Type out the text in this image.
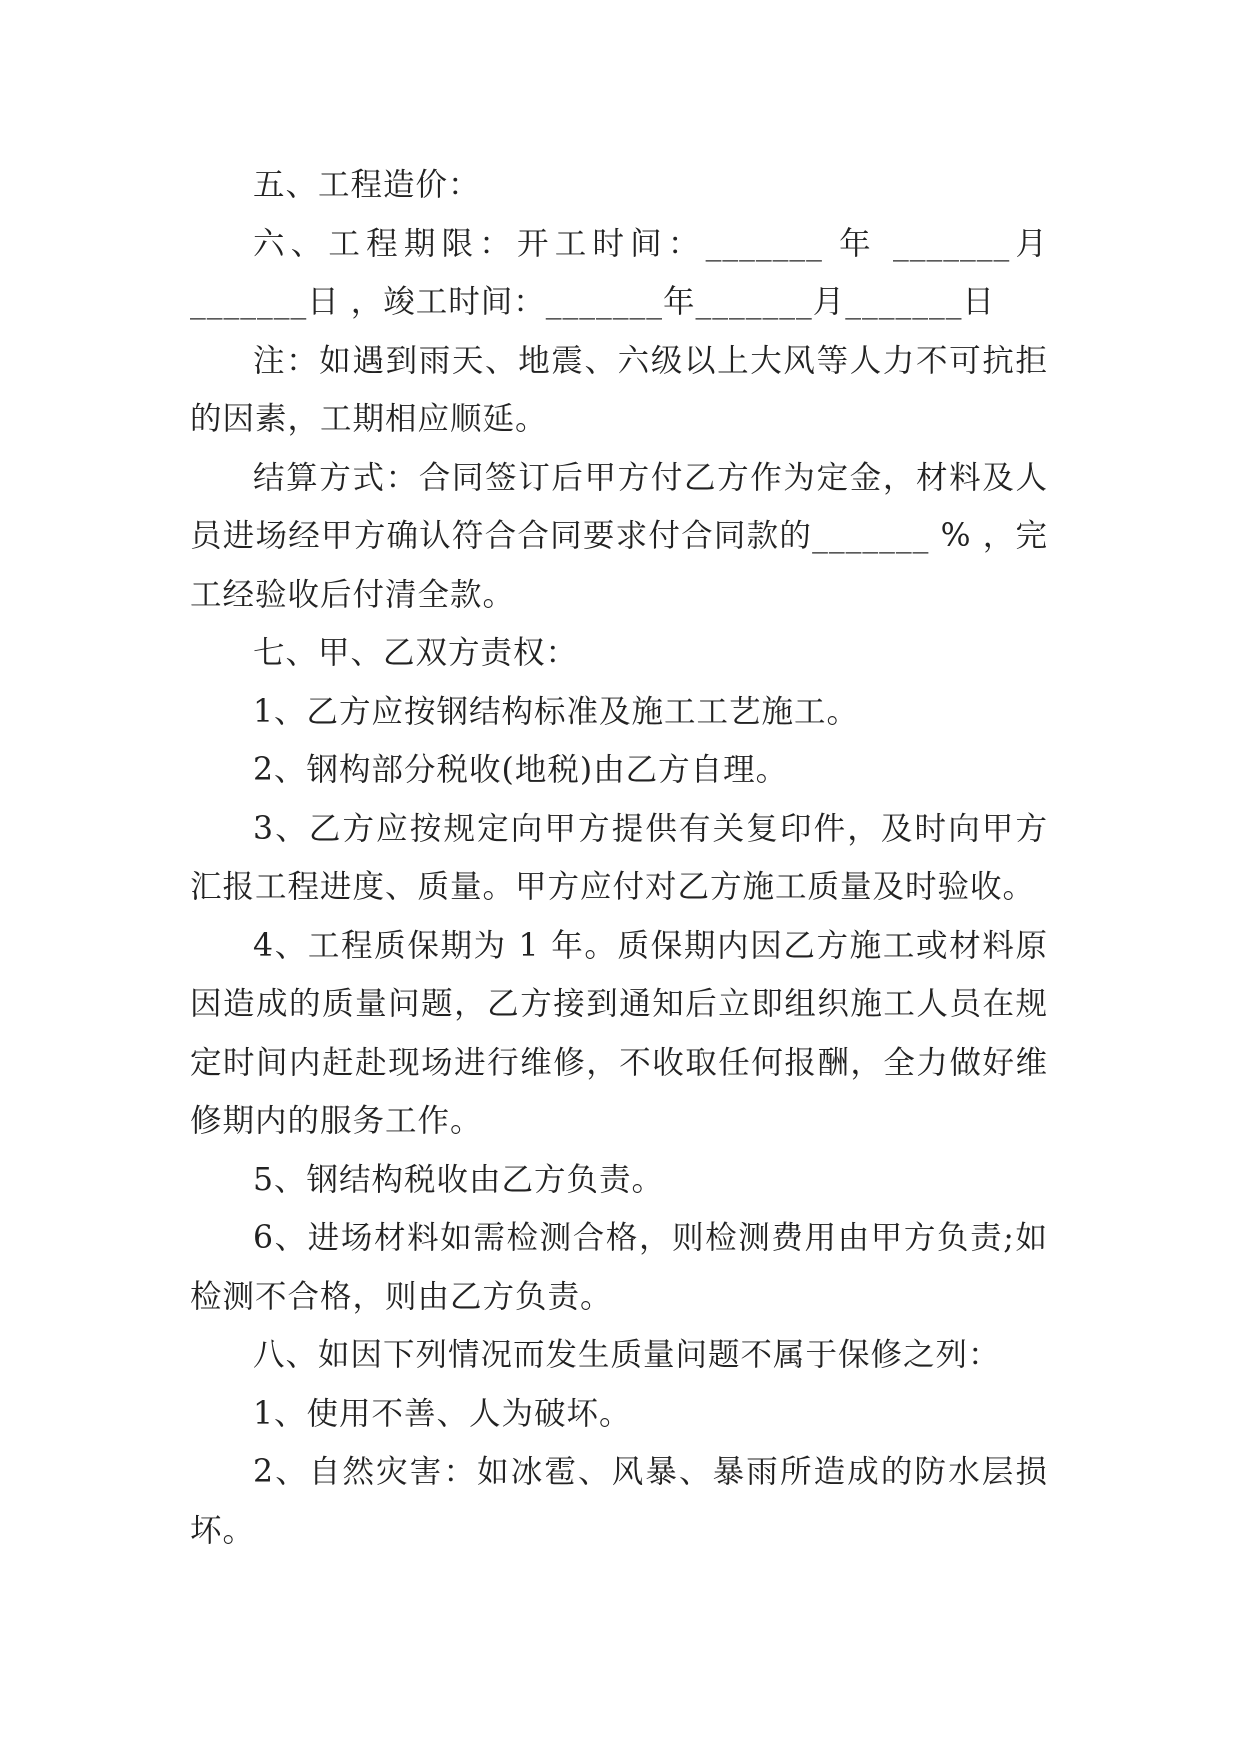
五、工程造价：

六、工程期限：开工时间：_______ 年 _______月_______日 ，竣工时间：_______年_______月_______日

注：如遇到雨天、地震、六级以上大风等人力不可抗拒的因素，工期相应顺延。

结算方式：合同签订后甲方付乙方作为定金，材料及人员进场经甲方确认符合合同要求付合同款的_______ % ，完工经验收后付清全款。

七、甲、乙双方责权：

1、乙方应按钢结构标准及施工工艺施工。

2、钢构部分税收(地税)由乙方自理。

3、乙方应按规定向甲方提供有关复印件，及时向甲方汇报工程进度、质量。甲方应付对乙方施工质量及时验收。

4、工程质保期为 1 年。质保期内因乙方施工或材料原因造成的质量问题，乙方接到通知后立即组织施工人员在规定时间内赶赴现场进行维修，不收取任何报酬，全力做好维修期内的服务工作。

5、钢结构税收由乙方负责。

6、进场材料如需检测合格，则检测费用由甲方负责;如检测不合格，则由乙方负责。

八、如因下列情况而发生质量问题不属于保修之列：

1、使用不善、人为破坏。

2、自然灾害：如冰雹、风暴、暴雨所造成的防水层损坏。
